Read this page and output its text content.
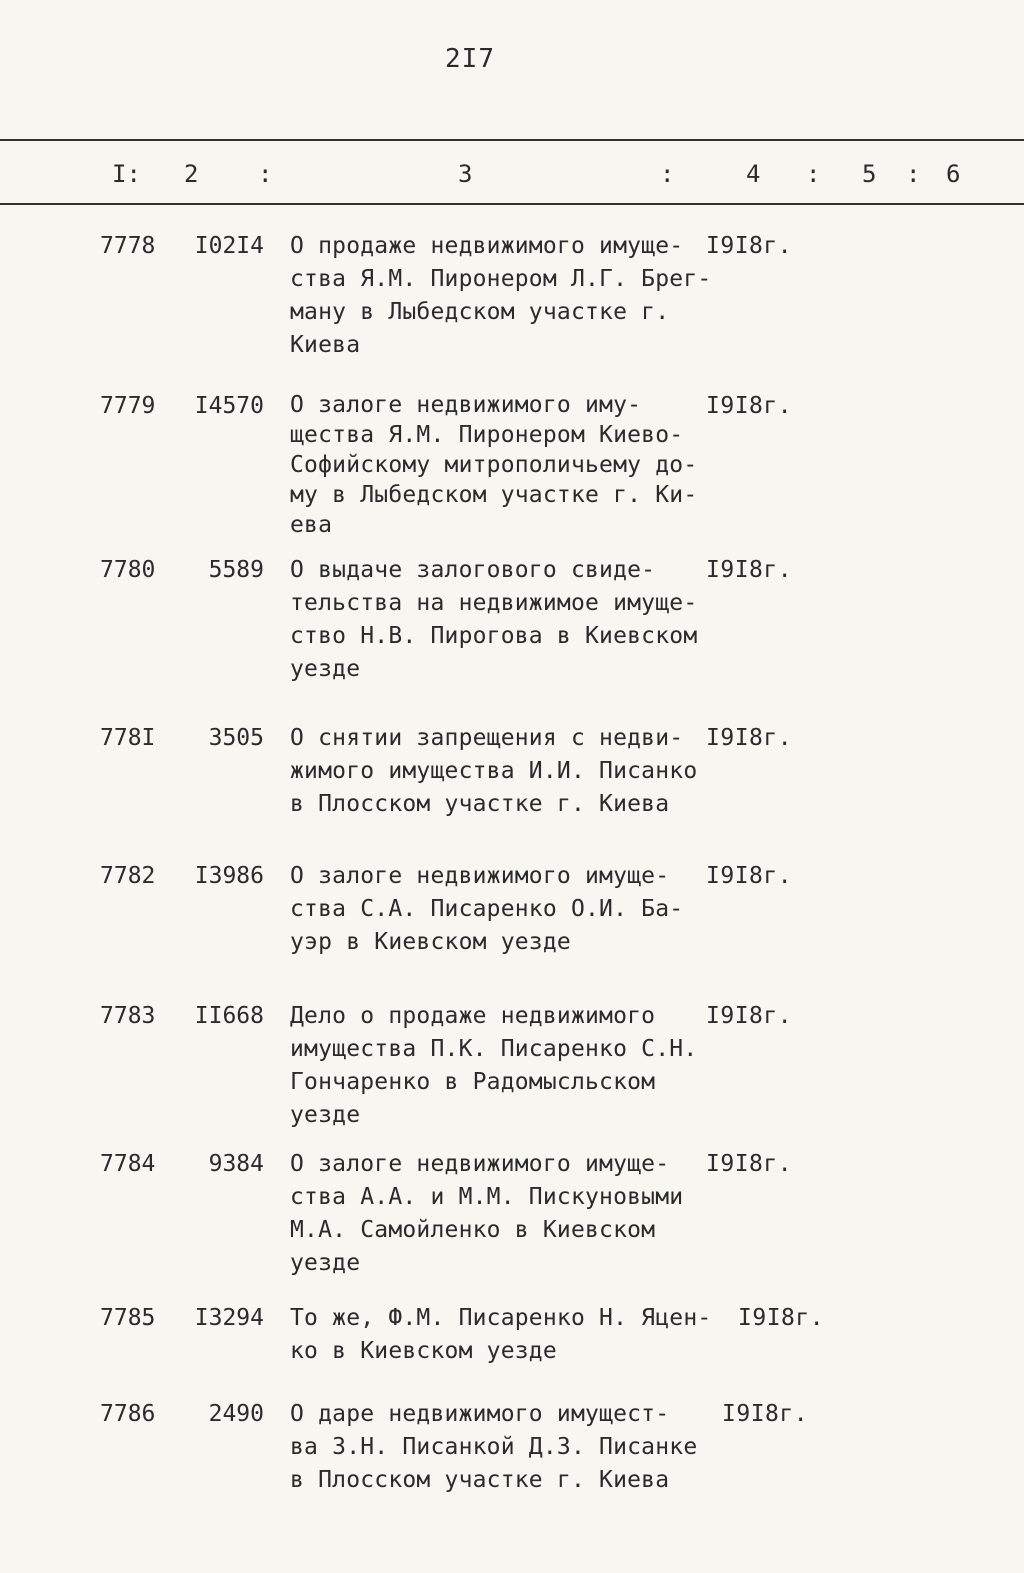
2I7
I: 2 :	3	:	4 : 5 : 6
7778	I02I4 О продаже недвижимого имуще-
ства Я.М. Пиронером Л.Г. Брег-
ману в Лыбедском участке г.
Киева
I9I8г.
7779	I4570 О залоге недвижимого иму-
щества Я.М. Пиронером Киево-
Софийскому митрополичьему до-
му в Лыбедском участке г. Ки-
ева
I9I8г.
7780	5589 О выдаче залогового свиде-
тельства на недвижимое имуще-
ство Н.В. Пирогова в Киевском
уезде
I9I8г.
778I	3505 О снятии запрещения с недви-
жимого имущества И.И. Писанко
в Плосском участке г. Киева
I9I8г.
7782	I3986 О залоге недвижимого имуще-
ства С.А. Писаренко О.И. Ба-
уэр в Киевском уезде
I9I8г.
7783	II668 Дело о продаже недвижимого
имущества П.К. Писаренко С.Н.
Гончаренко в Радомысльском
уезде
I9I8г.
7784	9384 О залоге недвижимого имуще-
ства А.А. и М.М. Пискуновыми
М.А. Самойленко в Киевском
уезде
I9I8г.
7785	I3294 То же, Ф.М. Писаренко Н. Яцен-
ко в Киевском уезде
I9I8г.
7786	2490 О даре недвижимого имущест-
ва З.Н. Писанкой Д.З. Писанке
в Плосском участке г. Киева
I9I8г.
